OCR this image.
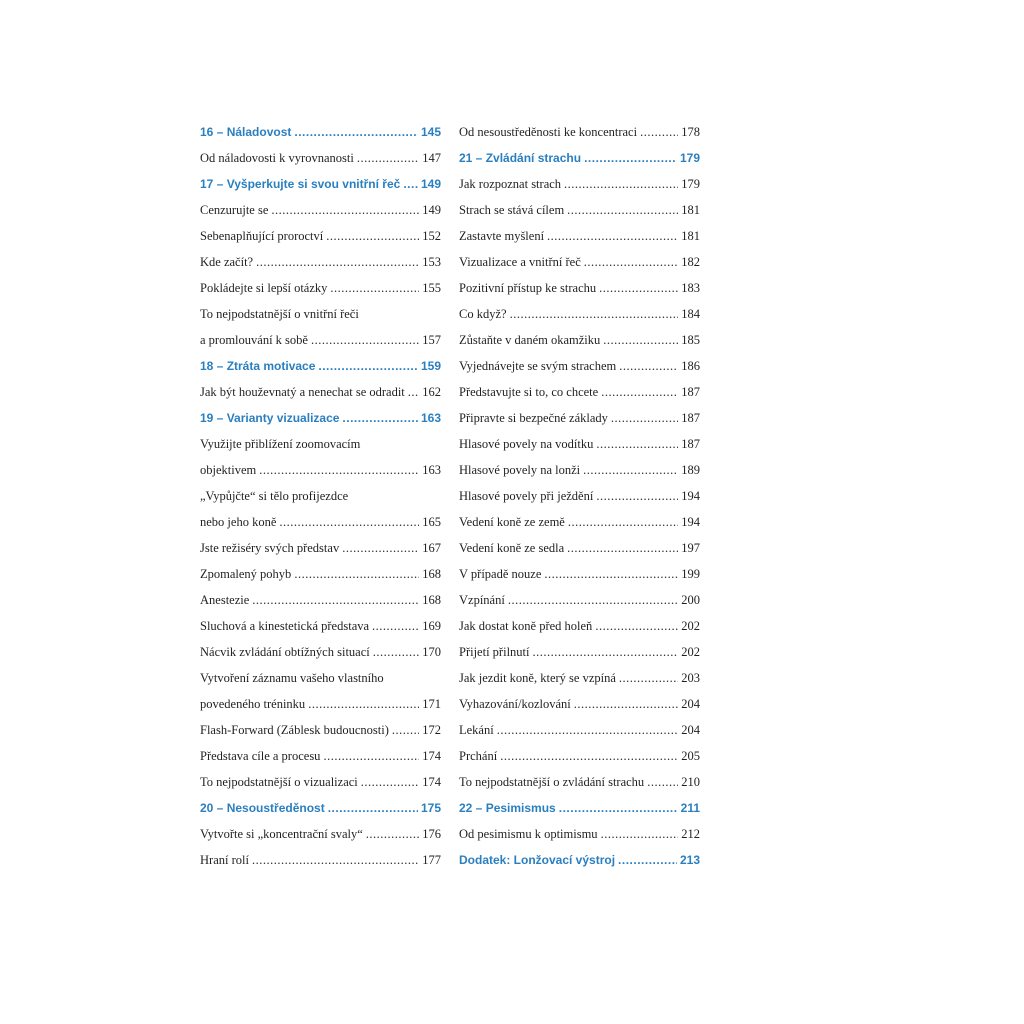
16 – Náladovost .....	145
Od náladovosti k vyrovnanosti .....	147
17 – Vyšperkujte si svou vnitřní řeč ..... 149
Cenzurujte se .....	149
Sebenaplňující proroctví .....	152
Kde začít? .....	153
Pokládejte si lepší otázky .....	155
To nejpodstatnější o vnitřní řeči
a promlouvání k sobě .....	157
18 – Ztráta motivace .....	159
Jak být houževnatý a nenechat se odradit ..... 162
19 – Varianty vizualizace .....	163
Využijte přiblížení zoomovacím
objektivem .....	163
„Vypůjčte“ si tělo profijezdce
nebo jeho koně .....	165
Jste režiséry svých představ .....	167
Zpomalený pohyb .....	168
Anestezie .....	168
Sluchová a kinestetická představa .....	169
Nácvik zvládání obtížných situací .....	170
Vytvoření záznamu vašeho vlastního
povedeného tréninku .....	171
Flash-Forward (Záblesk budoucnosti) .....	172
Představa cíle a procesu .....	174
To nejpodstatnější o vizualizaci .....	174
20 – Nesoustředěnost .....	175
Vytvořte si „koncentrační svaly“ .....	176
Hraní rolí .....	177
Od nesoustředěnosti ke koncentraci .....	178
21 – Zvládání strachu .....	179
Jak rozpoznat strach .....	179
Strach se stává cílem .....	181
Zastavte myšlení .....	181
Vizualizace a vnitřní řeč .....	182
Pozitivní přístup ke strachu .....	183
Co když? .....	184
Zůstaňte v daném okamžiku .....	185
Vyjednávejte se svým strachem .....	186
Představujte si to, co chcete .....	187
Připravte si bezpečné základy .....	187
Hlasové povely na vodítku .....	187
Hlasové povely na lonži .....	189
Hlasové povely při ježdění .....	194
Vedení koně ze země .....	194
Vedení koně ze sedla .....	197
V případě nouze .....	199
Vzpínání .....	200
Jak dostat koně před holeň .....	202
Přijetí přilnutí .....	202
Jak jezdit koně, který se vzpíná .....	203
Vyhazování/kozlování .....	204
Lekání .....	204
Prchání .....	205
To nejpodstatnější o zvládání strachu .....	210
22 – Pesimismus .....	211
Od pesimismu k optimismu .....	212
Dodatek: Lonžovací výstroj .....	213
